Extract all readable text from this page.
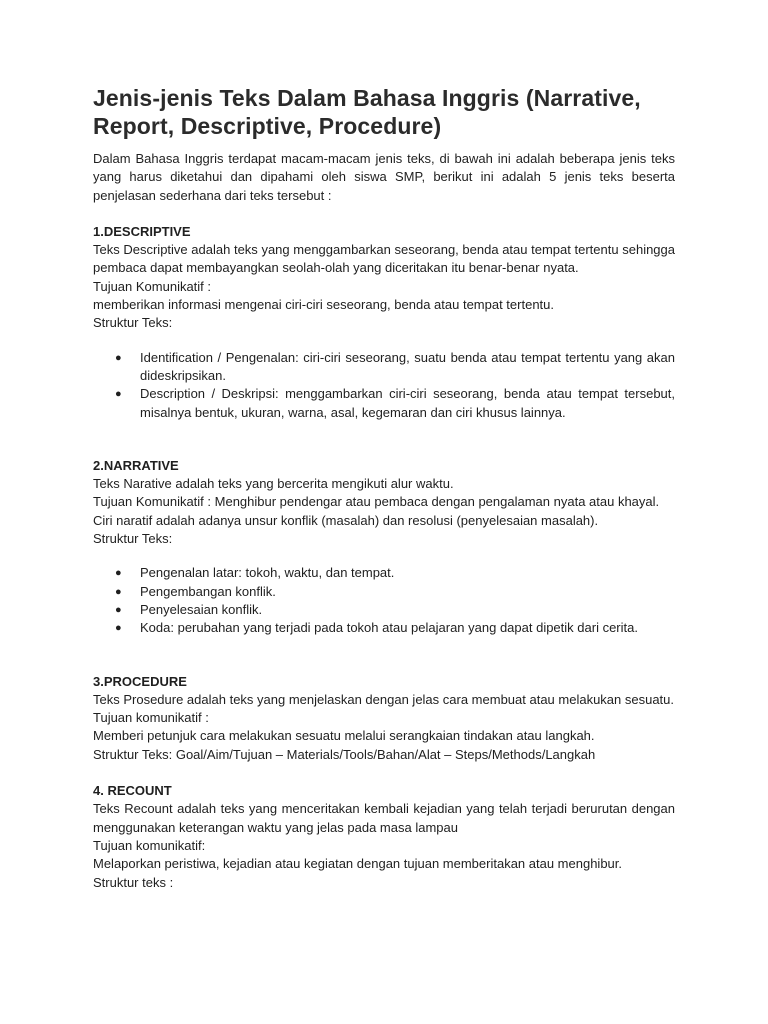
Jenis-jenis Teks Dalam Bahasa Inggris (Narrative, Report, Descriptive, Procedure)

Dalam Bahasa Inggris terdapat macam-macam jenis teks, di bawah ini adalah beberapa jenis teks yang harus diketahui dan dipahami oleh siswa SMP, berikut ini adalah 5 jenis teks beserta penjelasan sederhana dari teks tersebut :

1.DESCRIPTIVE

Teks Descriptive adalah teks yang menggambarkan seseorang, benda atau tempat tertentu sehingga pembaca dapat membayangkan seolah-olah yang diceritakan itu benar-benar nyata.

Tujuan Komunikatif :

memberikan informasi mengenai ciri-ciri seseorang, benda atau tempat tertentu.

Struktur Teks:

● Identification / Pengenalan: ciri-ciri seseorang, suatu benda atau tempat tertentu yang akan dideskripsikan.
● Description / Deskripsi: menggambarkan ciri-ciri seseorang, benda atau tempat tersebut, misalnya bentuk, ukuran, warna, asal, kegemaran dan ciri khusus lainnya.

2.NARRATIVE

Teks Narative adalah teks yang bercerita mengikuti alur waktu.

Tujuan Komunikatif : Menghibur pendengar atau pembaca dengan pengalaman nyata atau khayal.

Ciri naratif adalah adanya unsur konflik (masalah) dan resolusi (penyelesaian masalah).

Struktur Teks:

● Pengenalan latar: tokoh, waktu, dan tempat.
● Pengembangan konflik.
● Penyelesaian konflik.
● Koda: perubahan yang terjadi pada tokoh atau pelajaran yang dapat dipetik dari cerita.

3.PROCEDURE

Teks Prosedure adalah teks yang menjelaskan dengan jelas cara membuat atau melakukan sesuatu.

Tujuan komunikatif :

Memberi petunjuk cara melakukan sesuatu melalui serangkaian tindakan atau langkah.

Struktur Teks: Goal/Aim/Tujuan – Materials/Tools/Bahan/Alat – Steps/Methods/Langkah

4. RECOUNT

Teks Recount adalah teks yang menceritakan kembali kejadian yang telah terjadi berurutan dengan menggunakan keterangan waktu yang jelas pada masa lampau

Tujuan komunikatif:

Melaporkan peristiwa, kejadian atau kegiatan dengan tujuan memberitakan atau menghibur.

Struktur teks :
